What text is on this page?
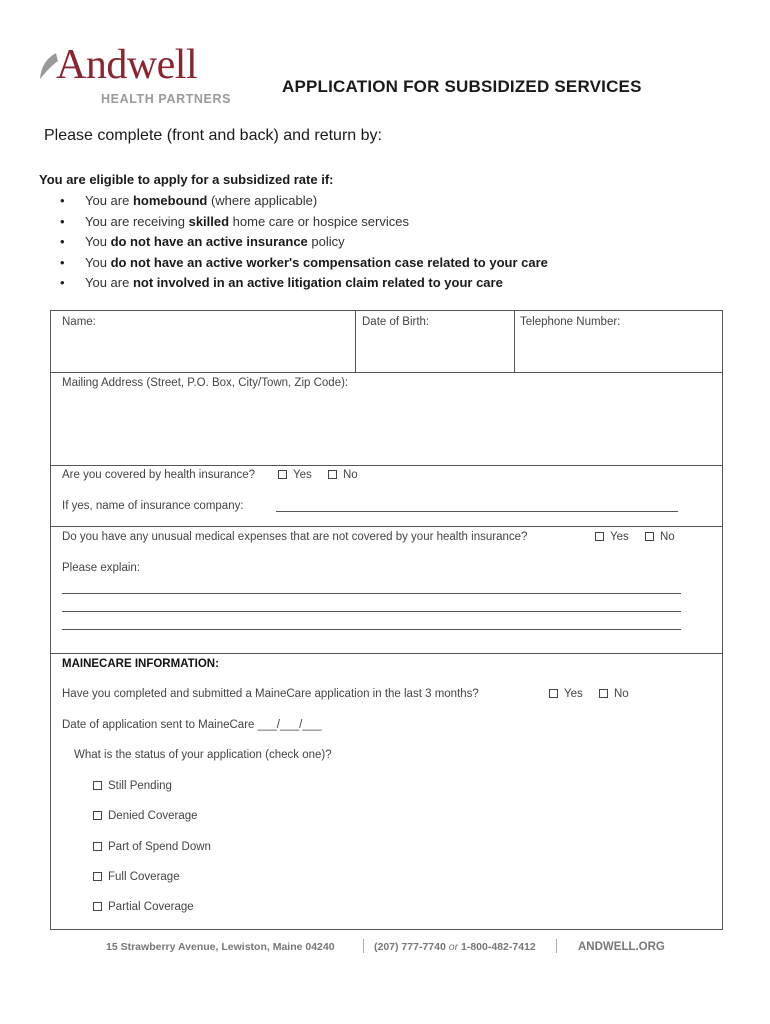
Andwell
HEALTH PARTNERS
APPLICATION FOR SUBSIDIZED SERVICES
Please complete (front and back) and return by:
You are eligible to apply for a subsidized rate if:
• You are homebound (where applicable)
• You are receiving skilled home care or hospice services
• You do not have an active insurance policy
• You do not have an active worker's compensation case related to your care
• You are not involved in an active litigation claim related to your care
Name:	Date of Birth:	Telephone Number:
Mailing Address (Street, P.O. Box, City/Town, Zip Code):
Are you covered by health insurance?	Yes	No
If yes, name of insurance company:
Do you have any unusual medical expenses that are not covered by your health insurance?	Yes	No
Please explain:
MAINECARE INFORMATION:
Have you completed and submitted a MaineCare application in the last 3 months?	Yes	No
Date of application sent to MaineCare ___/___/___
What is the status of your application (check one)?
Still Pending
Denied Coverage
Part of Spend Down
Full Coverage
Partial Coverage
15 Strawberry Avenue, Lewiston, Maine 04240	(207) 777-7740 or 1-800-482-7412	ANDWELL.ORG
